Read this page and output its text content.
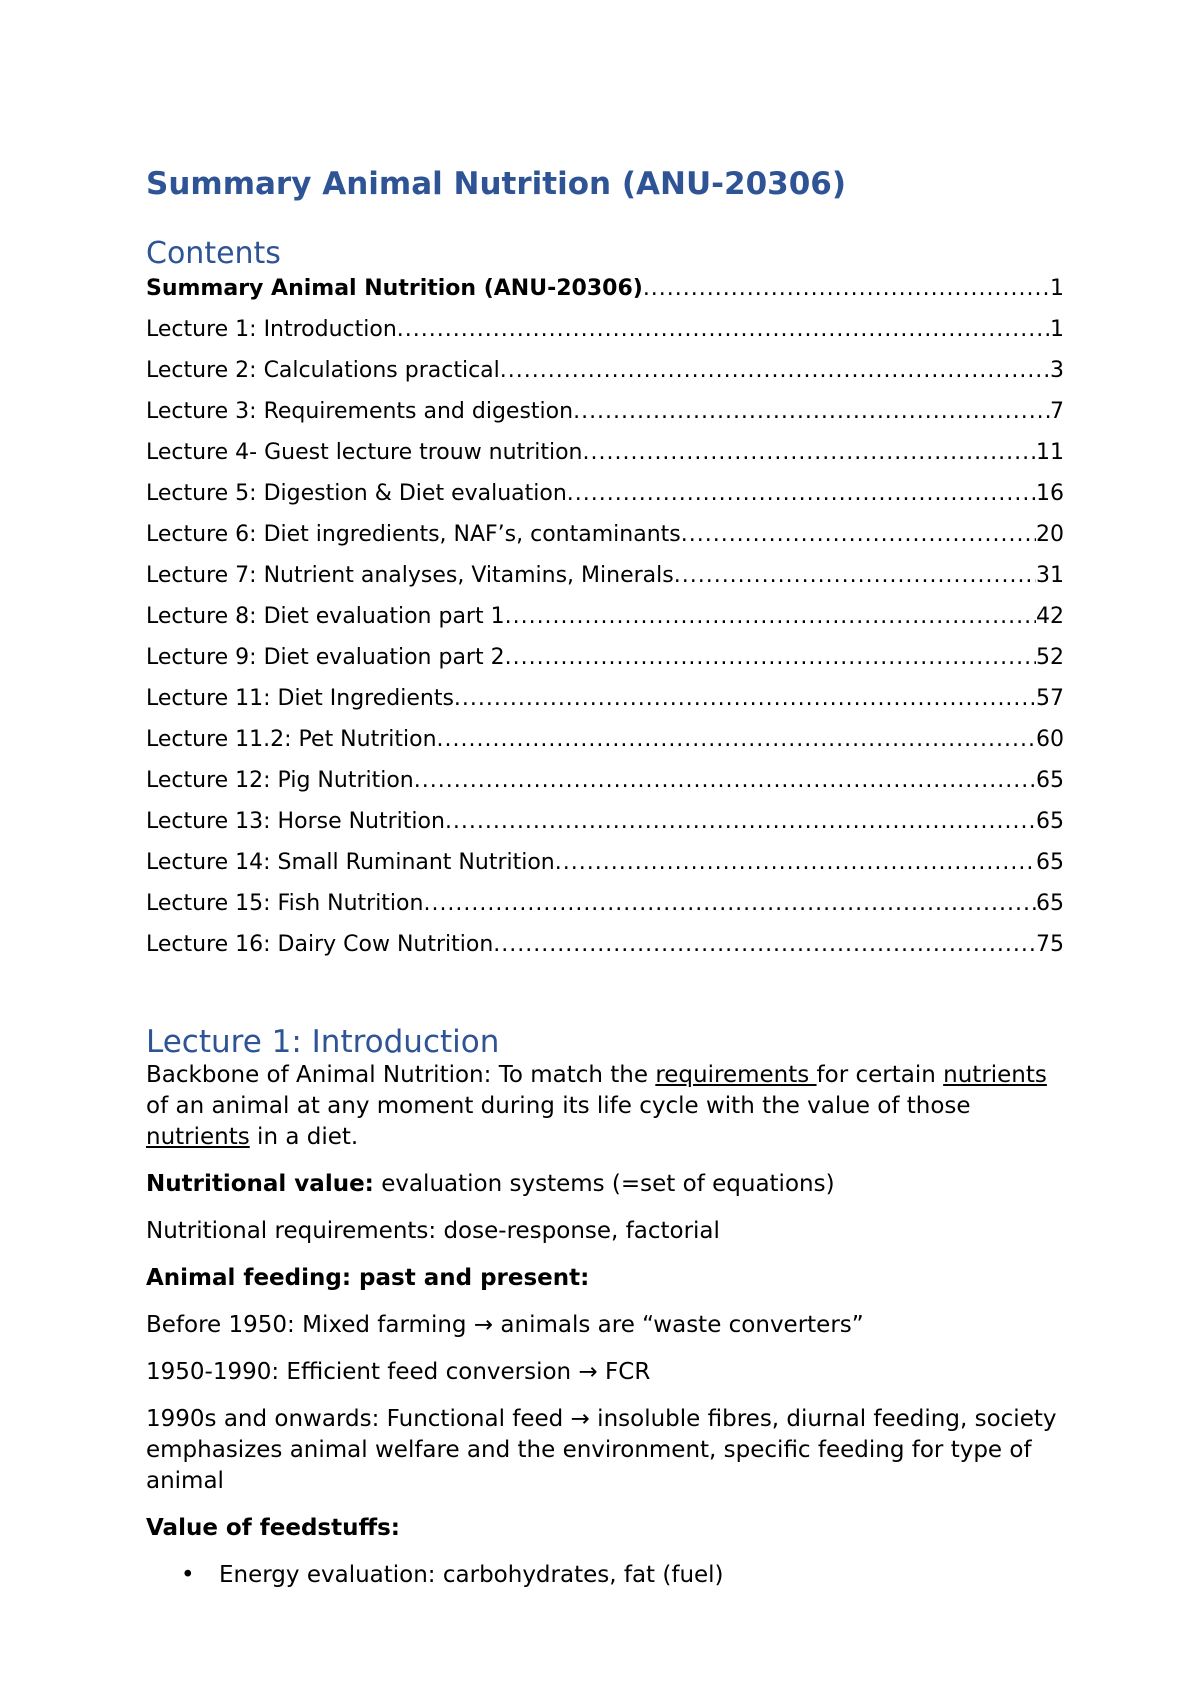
Summary Animal Nutrition (ANU-20306)
Contents
Summary Animal Nutrition (ANU-20306) .....	1
Lecture 1: Introduction .....	1
Lecture 2: Calculations practical .....	3
Lecture 3: Requirements and digestion .....	7
Lecture 4- Guest lecture trouw nutrition .....	11
Lecture 5: Digestion & Diet evaluation .....	16
Lecture 6: Diet ingredients, NAF’s, contaminants .....	20
Lecture 7: Nutrient analyses, Vitamins, Minerals .....	31
Lecture 8: Diet evaluation part 1 .....	42
Lecture 9: Diet evaluation part 2 .....	52
Lecture 11: Diet Ingredients .....	57
Lecture 11.2: Pet Nutrition .....	60
Lecture 12: Pig Nutrition .....	65
Lecture 13: Horse Nutrition .....	65
Lecture 14: Small Ruminant Nutrition .....	65
Lecture 15: Fish Nutrition .....	65
Lecture 16: Dairy Cow Nutrition .....	75
Lecture 1: Introduction

Backbone of Animal Nutrition: To match the requirements for certain nutrients of an animal at any moment during its life cycle with the value of those nutrients in a diet.

Nutritional value: evaluation systems (=set of equations)

Nutritional requirements: dose-response, factorial

Animal feeding: past and present:

Before 1950: Mixed farming → animals are “waste converters”

1950-1990: Efficient feed conversion → FCR

1990s and onwards: Functional feed → insoluble fibres, diurnal feeding, society emphasizes animal welfare and the environment, specific feeding for type of animal

Value of feedstuffs:

• Energy evaluation: carbohydrates, fat (fuel)
